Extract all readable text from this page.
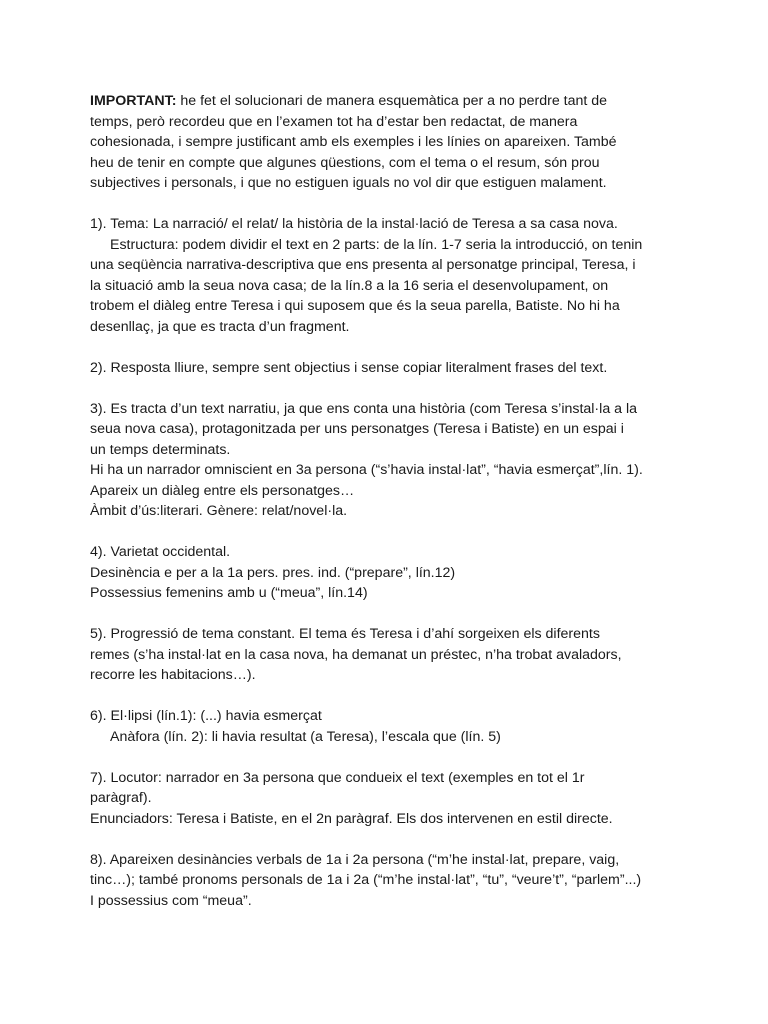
IMPORTANT: he fet el solucionari de manera esquemàtica per a no perdre tant de
temps, però recordeu que en l’examen tot ha d’estar ben redactat, de manera
cohesionada, i sempre justificant amb els exemples i les línies on apareixen. També
heu de tenir en compte que algunes qüestions, com el tema o el resum, són prou
subjectives i personals, i que no estiguen iguals no vol dir que estiguen malament.

1). Tema: La narració/ el relat/ la història de la instal·lació de Teresa a sa casa nova.
Estructura: podem dividir el text en 2 parts: de la lín. 1-7 seria la introducció, on tenin
una seqüència narrativa-descriptiva que ens presenta al personatge principal, Teresa, i
la situació amb la seua nova casa; de la lín.8 a la 16 seria el desenvolupament, on
trobem el diàleg entre Teresa i qui suposem que és la seua parella, Batiste. No hi ha
desenllaç, ja que es tracta d’un fragment.

2). Resposta lliure, sempre sent objectius i sense copiar literalment frases del text.

3). Es tracta d’un text narratiu, ja que ens conta una història (com Teresa s’instal·la a la
seua nova casa), protagonitzada per uns personatges (Teresa i Batiste) en un espai i
un temps determinats.
Hi ha un narrador omniscient en 3a persona (“s’havia instal·lat”, “havia esmerçat”,lín. 1).
Apareix un diàleg entre els personatges…
Àmbit d’ús:literari. Gènere: relat/novel·la.

4). Varietat occidental.
Desinència e per a la 1a pers. pres. ind. (“prepare”, lín.12)
Possessius femenins amb u (“meua”, lín.14)

5). Progressió de tema constant. El tema és Teresa i d’ahí sorgeixen els diferents
remes (s’ha instal·lat en la casa nova, ha demanat un préstec, n’ha trobat avaladors,
recorre les habitacions…).

6). El·lipsi (lín.1): (...) havia esmerçat
Anàfora (lín. 2): li havia resultat (a Teresa), l’escala que (lín. 5)

7). Locutor: narrador en 3a persona que condueix el text (exemples en tot el 1r
paràgraf).
Enunciadors: Teresa i Batiste, en el 2n paràgraf. Els dos intervenen en estil directe.

8). Apareixen desinàncies verbals de 1a i 2a persona (“m’he instal·lat, prepare, vaig,
tinc…); també pronoms personals de 1a i 2a (“m’he instal·lat”, “tu”, “veure’t”, “parlem”...)
I possessius com “meua”.
